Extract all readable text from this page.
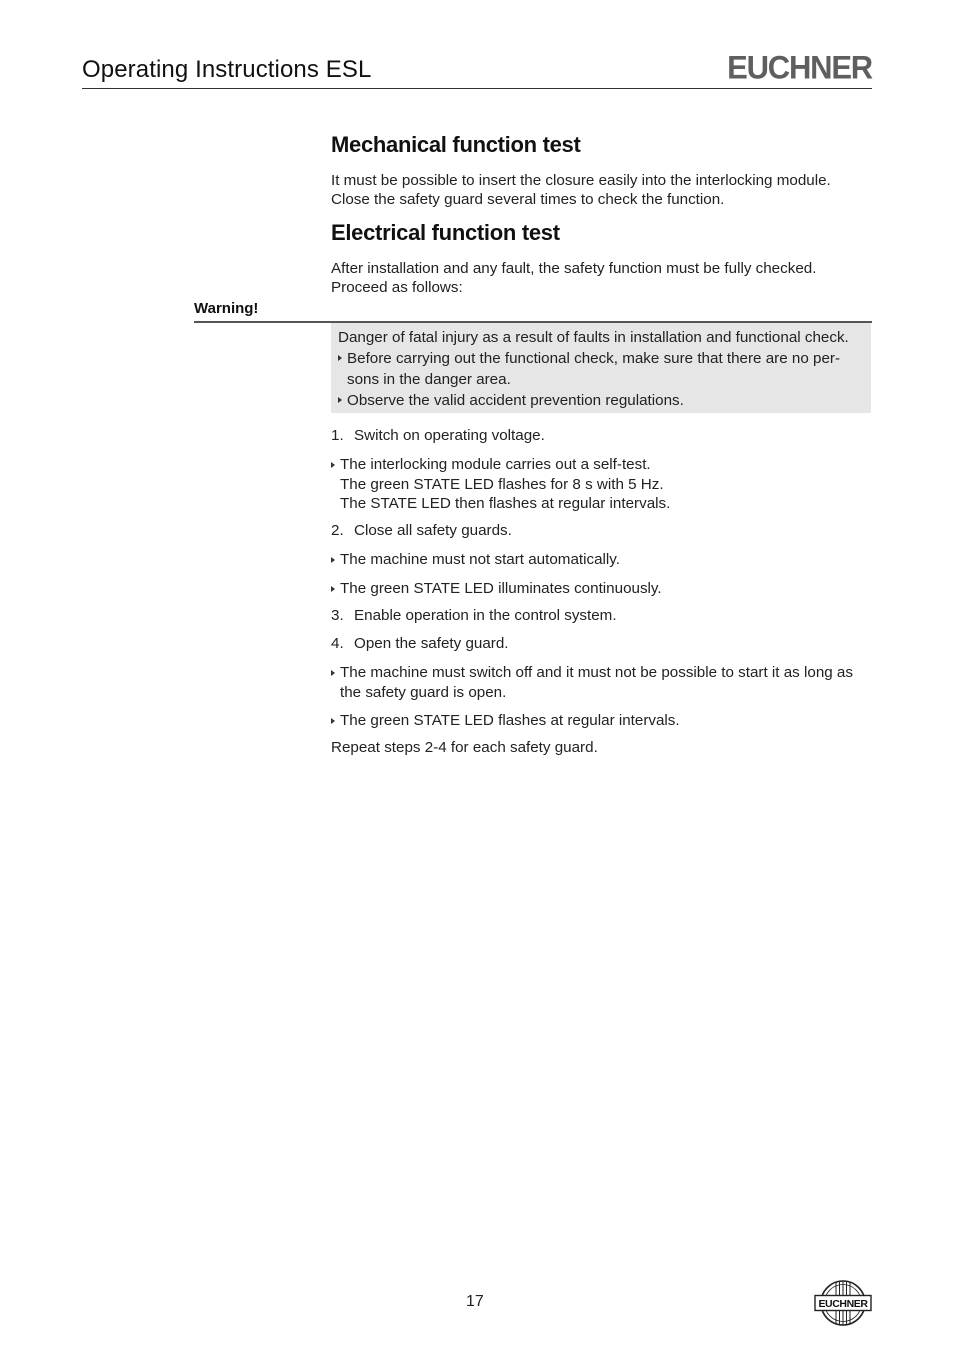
Operating Instructions ESL	EUCHNER
Mechanical function test

It must be possible to insert the closure easily into the interlocking module. Close the safety guard several times to check the function.

Electrical function test

After installation and any fault, the safety function must be fully checked. Proceed as follows:

Warning!
Danger of fatal injury as a result of faults in installation and functional check.
Before carrying out the functional check, make sure that there are no per-
sons in the danger area.
Observe the valid accident prevention regulations.
1. Switch on operating voltage.
The interlocking module carries out a self-test.
The green STATE LED flashes for 8 s with 5 Hz.
The STATE LED then flashes at regular intervals.
2. Close all safety guards.
The machine must not start automatically.
The green STATE LED illuminates continuously.
3. Enable operation in the control system.
4. Open the safety guard.
The machine must switch off and it must not be possible to start it as long as
the safety guard is open.
The green STATE LED flashes at regular intervals.
Repeat steps 2-4 for each safety guard.
17	EUCHNER
